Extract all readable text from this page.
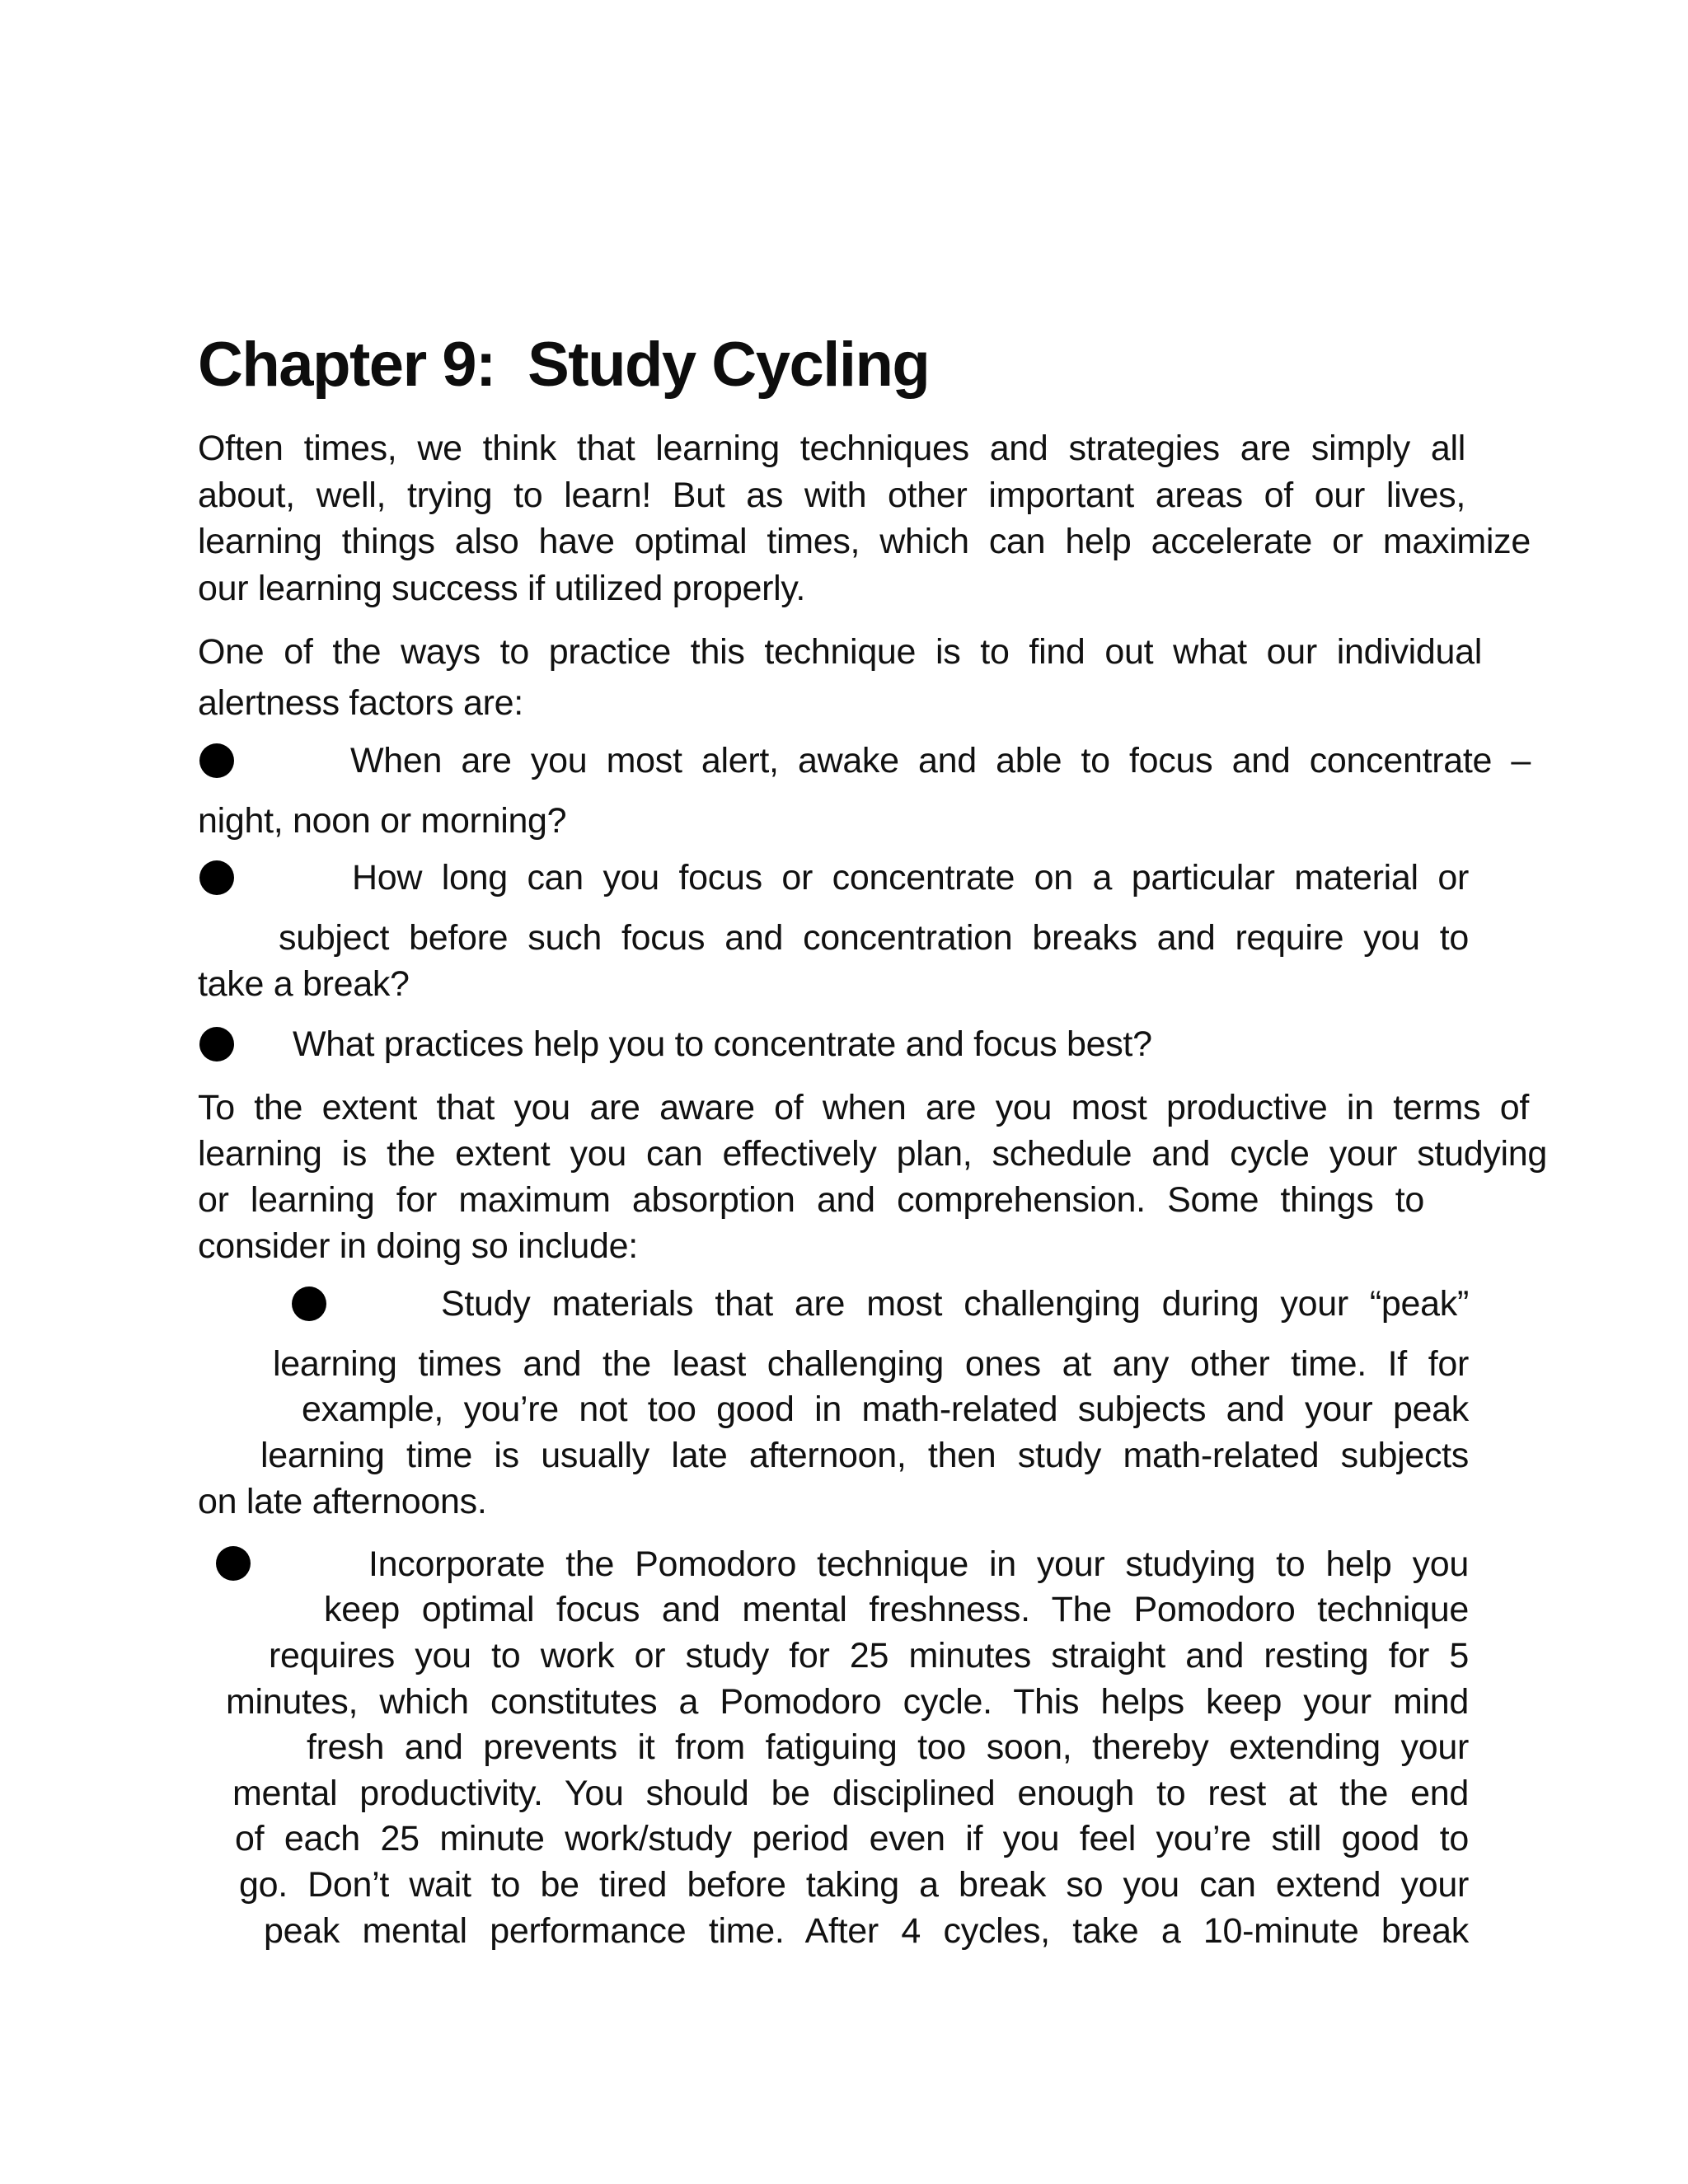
Chapter 9:  Study Cycling
Often times, we think that learning techniques and strategies are simply all
about, well, trying to learn! But as with other important areas of our lives,
learning things also have optimal times, which can help accelerate or maximize
our learning success if utilized properly.
One of the ways to practice this technique is to find out what our individual
alertness factors are:
When are you most alert, awake and able to focus and concentrate –
night, noon or morning?
How long can you focus or concentrate on a particular material or
subject before such focus and concentration breaks and require you to
take a break?
What practices help you to concentrate and focus best?
To the extent that you are aware of when are you most productive in terms of
learning is the extent you can effectively plan, schedule and cycle your studying
or learning for maximum absorption and comprehension. Some things to
consider in doing so include:
Study materials that are most challenging during your “peak”
learning times and the least challenging ones at any other time. If for
example, you’re not too good in math-related subjects and your peak
learning time is usually late afternoon, then study math-related subjects
on late afternoons.
Incorporate the Pomodoro technique in your studying to help you
keep optimal focus and mental freshness. The Pomodoro technique
requires you to work or study for 25 minutes straight and resting for 5
minutes, which constitutes a Pomodoro cycle. This helps keep your mind
fresh and prevents it from fatiguing too soon, thereby extending your
mental productivity. You should be disciplined enough to rest at the end
of each 25 minute work/study period even if you feel you’re still good to
go. Don’t wait to be tired before taking a break so you can extend your
peak mental performance time. After 4 cycles, take a 10-minute break
